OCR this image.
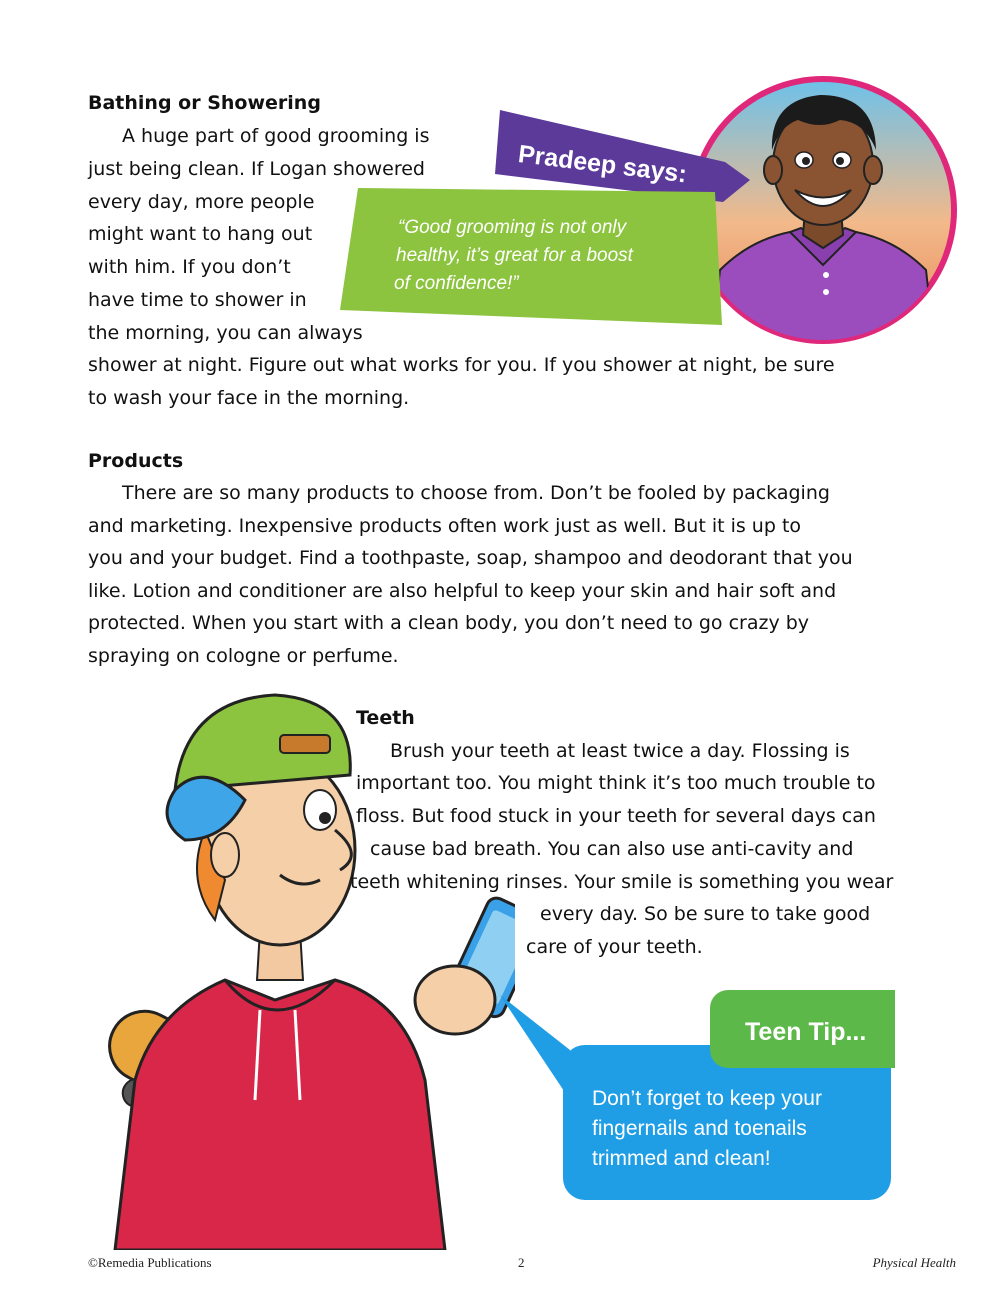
Bathing or Showering
A huge part of good grooming is
just being clean. If Logan showered
every day, more people
might want to hang out
with him. If you don’t
have time to shower in
the morning, you can always
shower at night. Figure out what works for you. If you shower at night, be sure
to wash your face in the morning.
Pradeep says:
“Good grooming is not only
healthy, it’s great for a boost
of confidence!”
Products
There are so many products to choose from. Don’t be fooled by packaging
and marketing. Inexpensive products often work just as well. But it is up to
you and your budget. Find a toothpaste, soap, shampoo and deodorant that you
like. Lotion and conditioner are also helpful to keep your skin and hair soft and
protected. When you start with a clean body, you don’t need to go crazy by
spraying on cologne or perfume.
Teeth
Brush your teeth at least twice a day. Flossing is
important too. You might think it’s too much trouble to
floss. But food stuck in your teeth for several days can
cause bad breath. You can also use anti-cavity and
teeth whitening rinses. Your smile is something you wear
every day. So be sure to take good
care of your teeth.
Teen Tip...
Don’t forget to keep your
fingernails and toenails
trimmed and clean!
©Remedia Publications	2	Physical Health
